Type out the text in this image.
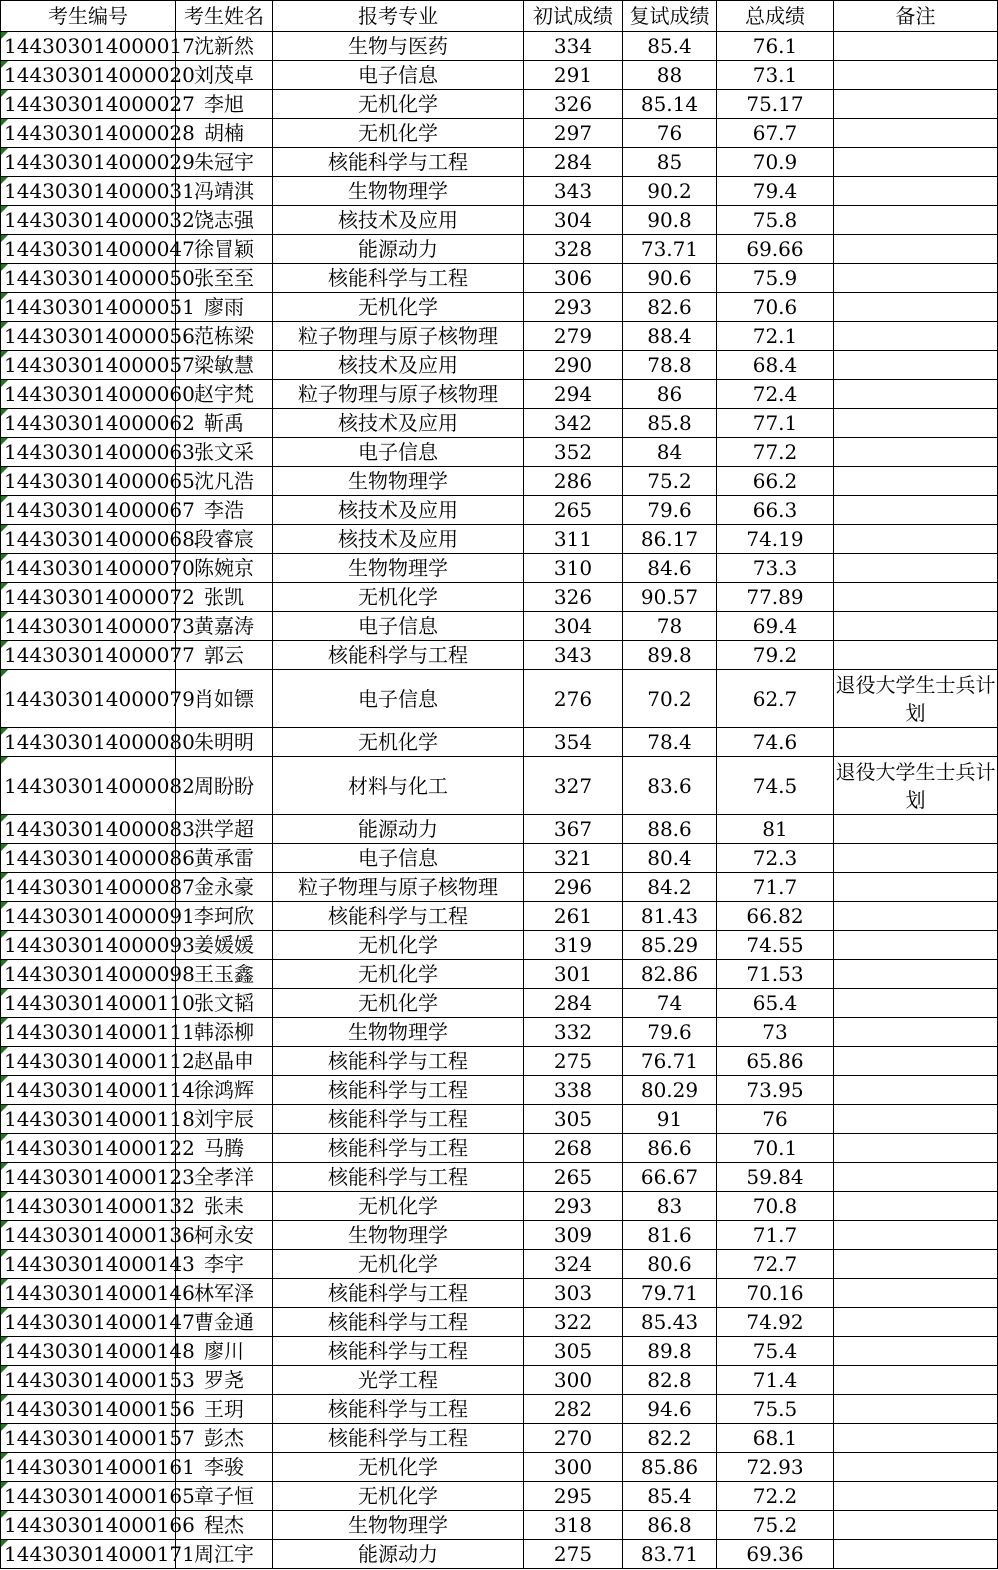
考生编号	考生姓名	报考专业	初试成绩	复试成绩	总成绩	备注
144303014000017	沈新然	生物与医药	334	85.4	76.1	
144303014000020	刘茂卓	电子信息	291	88	73.1	
144303014000027	李旭	无机化学	326	85.14	75.17	
144303014000028	胡楠	无机化学	297	76	67.7	
144303014000029	朱冠宇	核能科学与工程	284	85	70.9	
144303014000031	冯靖淇	生物物理学	343	90.2	79.4	
144303014000032	饶志强	核技术及应用	304	90.8	75.8	
144303014000047	徐冒颖	能源动力	328	73.71	69.66	
144303014000050	张至至	核能科学与工程	306	90.6	75.9	
144303014000051	廖雨	无机化学	293	82.6	70.6	
144303014000056	范栋梁	粒子物理与原子核物理	279	88.4	72.1	
144303014000057	梁敏慧	核技术及应用	290	78.8	68.4	
144303014000060	赵宇梵	粒子物理与原子核物理	294	86	72.4	
144303014000062	靳禹	核技术及应用	342	85.8	77.1	
144303014000063	张文采	电子信息	352	84	77.2	
144303014000065	沈凡浩	生物物理学	286	75.2	66.2	
144303014000067	李浩	核技术及应用	265	79.6	66.3	
144303014000068	段睿宸	核技术及应用	311	86.17	74.19	
144303014000070	陈婉京	生物物理学	310	84.6	73.3	
144303014000072	张凯	无机化学	326	90.57	77.89	
144303014000073	黄嘉涛	电子信息	304	78	69.4	
144303014000077	郭云	核能科学与工程	343	89.8	79.2	
144303014000079	肖如镖	电子信息	276	70.2	62.7	退役大学生士兵计划
144303014000080	朱明明	无机化学	354	78.4	74.6	
144303014000082	周盼盼	材料与化工	327	83.6	74.5	退役大学生士兵计划
144303014000083	洪学超	能源动力	367	88.6	81	
144303014000086	黄承雷	电子信息	321	80.4	72.3	
144303014000087	金永豪	粒子物理与原子核物理	296	84.2	71.7	
144303014000091	李珂欣	核能科学与工程	261	81.43	66.82	
144303014000093	姜媛媛	无机化学	319	85.29	74.55	
144303014000098	王玉鑫	无机化学	301	82.86	71.53	
144303014000110	张文韬	无机化学	284	74	65.4	
144303014000111	韩添柳	生物物理学	332	79.6	73	
144303014000112	赵晶申	核能科学与工程	275	76.71	65.86	
144303014000114	徐鸿辉	核能科学与工程	338	80.29	73.95	
144303014000118	刘宇辰	核能科学与工程	305	91	76	
144303014000122	马腾	核能科学与工程	268	86.6	70.1	
144303014000123	全孝洋	核能科学与工程	265	66.67	59.84	
144303014000132	张耒	无机化学	293	83	70.8	
144303014000136	柯永安	生物物理学	309	81.6	71.7	
144303014000143	李宇	无机化学	324	80.6	72.7	
144303014000146	林军泽	核能科学与工程	303	79.71	70.16	
144303014000147	曹金通	核能科学与工程	322	85.43	74.92	
144303014000148	廖川	核能科学与工程	305	89.8	75.4	
144303014000153	罗尧	光学工程	300	82.8	71.4	
144303014000156	王玥	核能科学与工程	282	94.6	75.5	
144303014000157	彭杰	核能科学与工程	270	82.2	68.1	
144303014000161	李骏	无机化学	300	85.86	72.93	
144303014000165	章子恒	无机化学	295	85.4	72.2	
144303014000166	程杰	生物物理学	318	86.8	75.2	
144303014000171	周江宇	能源动力	275	83.71	69.36	
